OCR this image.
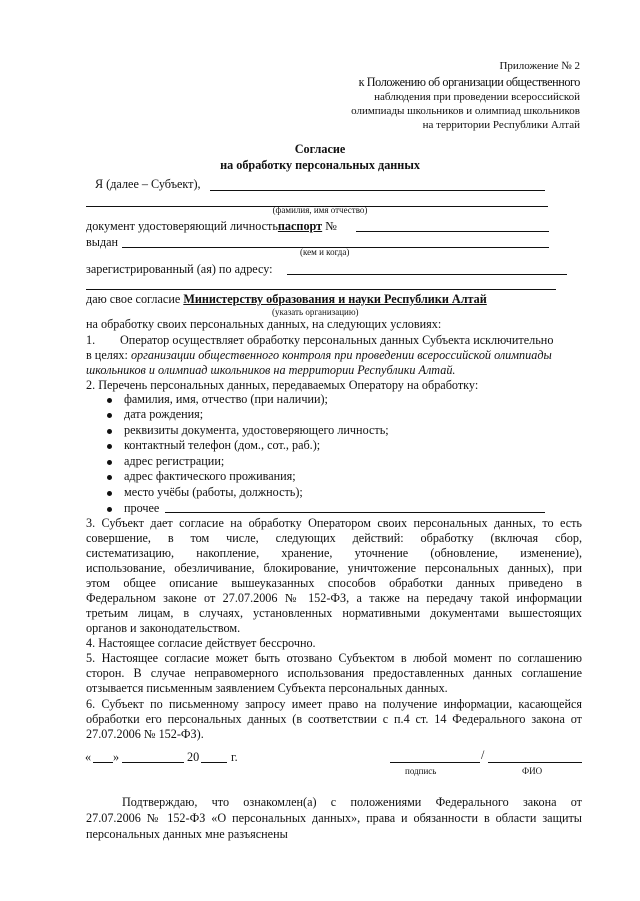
Приложение № 2
к Положению об организации общественного
наблюдения при проведении всероссийской
олимпиады школьников и олимпиад школьников
на территории Республики Алтай
Согласие
на обработку персональных данных
Я (далее – Субъект),
(фамилия, имя отчество)
документ удостоверяющий личностьпаспорт №
выдан
(кем и когда)
зарегистрированный (ая) по адресу:
даю свое согласие Министерству образования и науки Республики Алтай
(указать организацию)
на обработку своих персональных данных, на следующих условиях:
1. Оператор осуществляет обработку персональных данных Субъекта исключительно
в целях: организации общественного контроля при проведении всероссийской олимпиады
школьников и олимпиад школьников на территории Республики Алтай.
2. Перечень персональных данных, передаваемых Оператору на обработку:
фамилия, имя, отчество (при наличии);
дата рождения;
реквизиты документа, удостоверяющего личность;
контактный телефон (дом., сот., раб.);
адрес регистрации;
адрес фактического проживания;
место учёбы (работы, должность);
прочее
3. Субъект дает согласие на обработку Оператором своих персональных данных, то есть
совершение, в том числе, следующих действий: обработку (включая сбор,
систематизацию, накопление, хранение, уточнение (обновление, изменение),
использование, обезличивание, блокирование, уничтожение персональных данных), при
этом общее описание вышеуказанных способов обработки данных приведено в
Федеральном законе от 27.07.2006 № 152-ФЗ, а также на передачу такой информации
третьим лицам, в случаях, установленных нормативными документами вышестоящих
органов и законодательством.
4. Настоящее согласие действует бессрочно.
5. Настоящее согласие может быть отозвано Субъектом в любой момент по соглашению
сторон. В случае неправомерного использования предоставленных данных соглашение
отзывается письменным заявлением Субъекта персональных данных.
6. Субъект по письменному запросу имеет право на получение информации, касающейся
обработки его персональных данных (в соответствии с п.4 ст. 14 Федерального закона от
27.07.2006 № 152-ФЗ).
« »	20	г.	/
подпись	ФИО
Подтверждаю, что ознакомлен(а) с положениями Федерального закона от
27.07.2006 № 152-ФЗ «О персональных данных», права и обязанности в области защиты
персональных данных мне разъяснены
